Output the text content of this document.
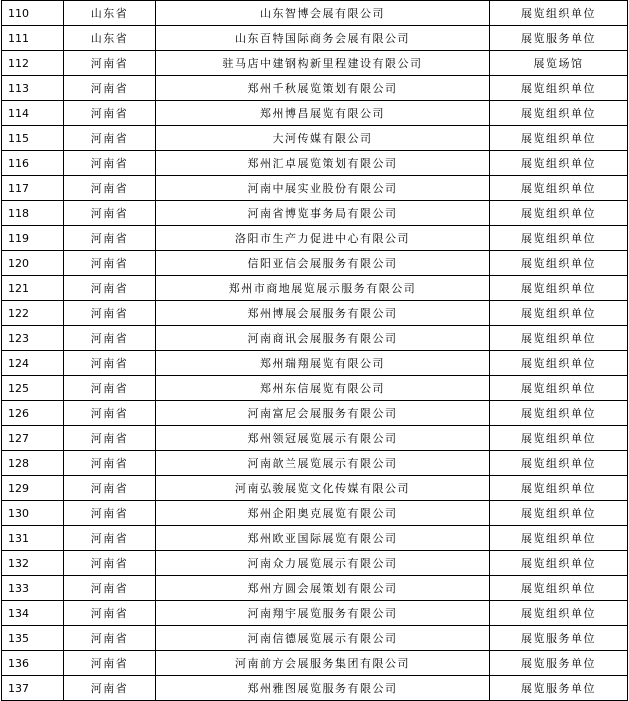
110	山东省	山东智博会展有限公司	展览组织单位
111	山东省	山东百特国际商务会展有限公司	展览服务单位
112	河南省	驻马店中建钢构新里程建设有限公司	展览场馆
113	河南省	郑州千秋展览策划有限公司	展览组织单位
114	河南省	郑州博昌展览有限公司	展览组织单位
115	河南省	大河传媒有限公司	展览组织单位
116	河南省	郑州汇卓展览策划有限公司	展览组织单位
117	河南省	河南中展实业股份有限公司	展览组织单位
118	河南省	河南省博览事务局有限公司	展览组织单位
119	河南省	洛阳市生产力促进中心有限公司	展览组织单位
120	河南省	信阳亚信会展服务有限公司	展览组织单位
121	河南省	郑州市商地展览展示服务有限公司	展览组织单位
122	河南省	郑州博展会展服务有限公司	展览组织单位
123	河南省	河南商讯会展服务有限公司	展览组织单位
124	河南省	郑州瑞翔展览有限公司	展览组织单位
125	河南省	郑州东信展览有限公司	展览组织单位
126	河南省	河南富尼会展服务有限公司	展览组织单位
127	河南省	郑州领冠展览展示有限公司	展览组织单位
128	河南省	河南歆兰展览展示有限公司	展览组织单位
129	河南省	河南弘骏展览文化传媒有限公司	展览组织单位
130	河南省	郑州企阳奥克展览有限公司	展览组织单位
131	河南省	郑州欧亚国际展览有限公司	展览组织单位
132	河南省	河南众力展览展示有限公司	展览组织单位
133	河南省	郑州方圆会展策划有限公司	展览组织单位
134	河南省	河南翔宇展览服务有限公司	展览组织单位
135	河南省	河南信德展览展示有限公司	展览服务单位
136	河南省	河南前方会展服务集团有限公司	展览服务单位
137	河南省	郑州雅图展览服务有限公司	展览服务单位
